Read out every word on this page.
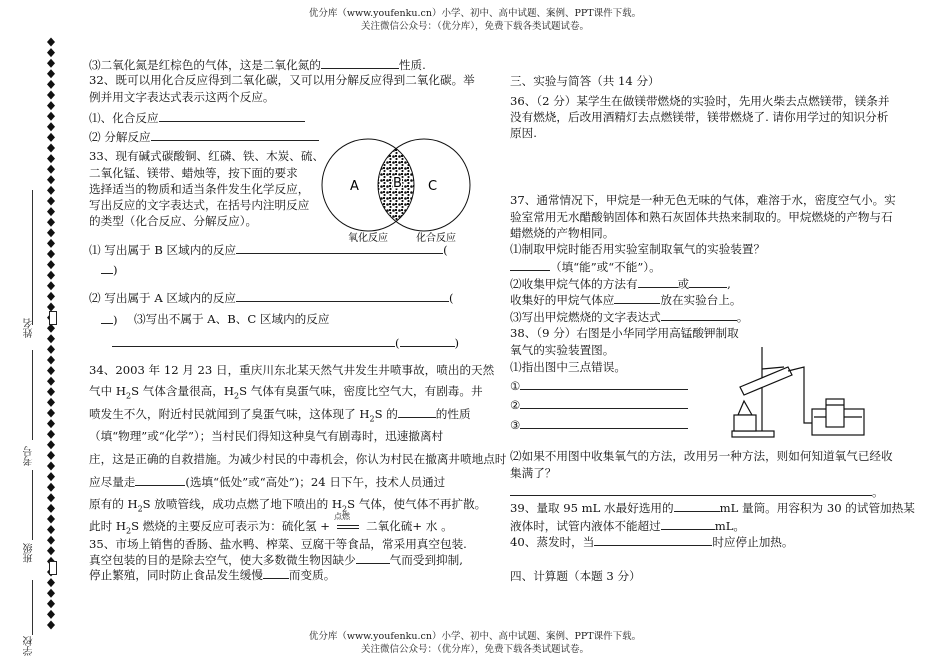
优分库（www.youfenku.cn）小学、初中、高中试题、案例、PPT课件下载。
关注微信公众号：（优分库），免费下载各类试题试卷。
优分库（www.youfenku.cn）小学、初中、高中试题、案例、PPT课件下载。
关注微信公众号：（优分库），免费下载各类试题试卷。
姓名
考号
班级
学校
⑶二氧化氮是红棕色的气体，这是二氧化氮的	性质.
32、既可以用化合反应得到二氧化碳，又可以用分解反应得到二氧化碳。举
例并用文字表达式表示这两个反应。
⑴、化合反应
⑵ 分解反应
33、现有碱式碳酸铜、红磷、铁、木炭、硫、
二氧化锰、镁带、蜡烛等，按下面的要求
选择适当的物质和适当条件发生化学反应，
写出反应的文字表达式，在括号内注明反应
的类型（化合反应、分解反应）。
A	B C
氧化反应	化合反应
⑴ 写出属于 B 区域内的反应	(
)
⑵ 写出属于 A 区域内的反应	(
) ⑶写出不属于 A、B、C 区域内的反应
(	)
34、2003 年 12 月 23 日，重庆川东北某天然气井发生井喷事故，喷出的天然
气中 $H_2S$ 气体含量很高，$H_2S$ 气体有臭蛋气味，密度比空气大，有剧毒。井
喷发生不久，附近村民就闻到了臭蛋气味，这体现了 $H_2S$ 的	的性质
（填“物理”或“化学”）；当村民们得知这种臭气有剧毒时，迅速撤离村
庄，这是正确的自救措施。为减少村民的中毒机会，你认为村民在撤离井喷地点时
应尽量走	(选填“低处”或“高处”)；24 日下午，技术人员通过
原有的 $H_2S$ 放喷管线，成功点燃了地下喷出的 $H_2S$ 气体，使气体不再扩散。
此时 $H_2S$ 燃烧的主要反应可表示为：硫化氢 +
点燃
二氧化硫+ 水 。
35、市场上销售的香肠、盐水鸭、榨菜、豆腐干等食品，常采用真空包装.
真空包装的目的是除去空气，使大多数微生物因缺少	气而受到抑制,
停止繁殖，同时防止食品发生缓慢 而变质。
三、实验与简答（共 14 分）
36、（2 分）某学生在做镁带燃烧的实验时，先用火柴去点燃镁带，镁条并
没有燃烧，后改用酒精灯去点燃镁带，镁带燃烧了. 请你用学过的知识分析
原因.
37、通常情况下，甲烷是一种无色无味的气体，难溶于水，密度空气小。实
验室常用无水醋酸钠固体和熟石灰固体共热来制取的。甲烷燃烧的产物与石
蜡燃烧的产物相同。
⑴制取甲烷时能否用实验室制取氧气的实验装置？
（填“能”或“不能”）。
⑵收集甲烷气体的方法有	或	,
收集好的甲烷气体应	放在实验台上。
⑶写出甲烷燃烧的文字表达式	。
38、（9 分）右图是小华同学用高锰酸钾制取
氧气的实验装置图。
⑴指出图中三点错误。
①
②
③
⑵如果不用图中收集氧气的方法，改用另一种方法，则如何知道氧气已经收
集满了？
。
39、量取 95 mL 水最好选用的	mL 量筒。用容积为 30 的试管加热某
液体时，试管内液体不能超过	mL。
40、蒸发时，当	时应停止加热。
四、计算题（本题 3 分）
